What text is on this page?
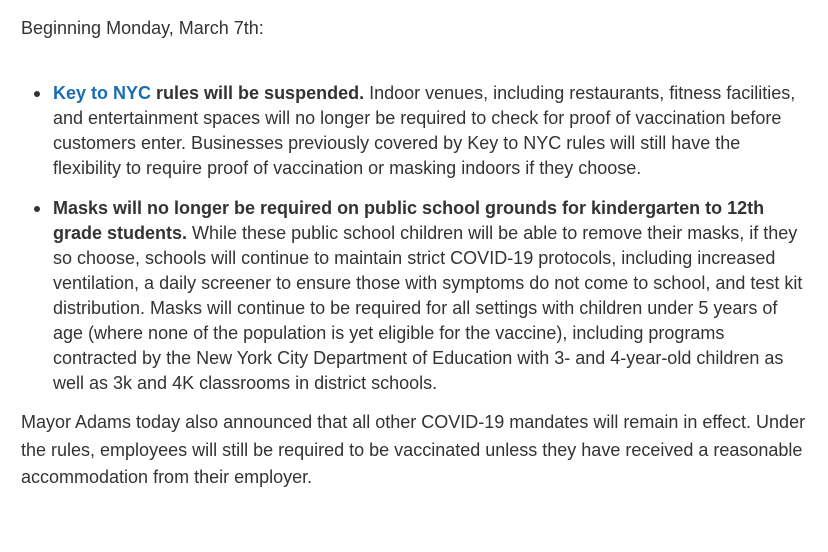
Beginning Monday, March 7th:

Key to NYC rules will be suspended. Indoor venues, including restaurants, fitness facilities, and entertainment spaces will no longer be required to check for proof of vaccination before customers enter. Businesses previously covered by Key to NYC rules will still have the flexibility to require proof of vaccination or masking indoors if they choose.
Masks will no longer be required on public school grounds for kindergarten to 12th grade students. While these public school children will be able to remove their masks, if they so choose, schools will continue to maintain strict COVID-19 protocols, including increased ventilation, a daily screener to ensure those with symptoms do not come to school, and test kit distribution. Masks will continue to be required for all settings with children under 5 years of age (where none of the population is yet eligible for the vaccine), including programs contracted by the New York City Department of Education with 3- and 4-year-old children as well as 3k and 4K classrooms in district schools.

Mayor Adams today also announced that all other COVID-19 mandates will remain in effect. Under the rules, employees will still be required to be vaccinated unless they have received a reasonable accommodation from their employer.
